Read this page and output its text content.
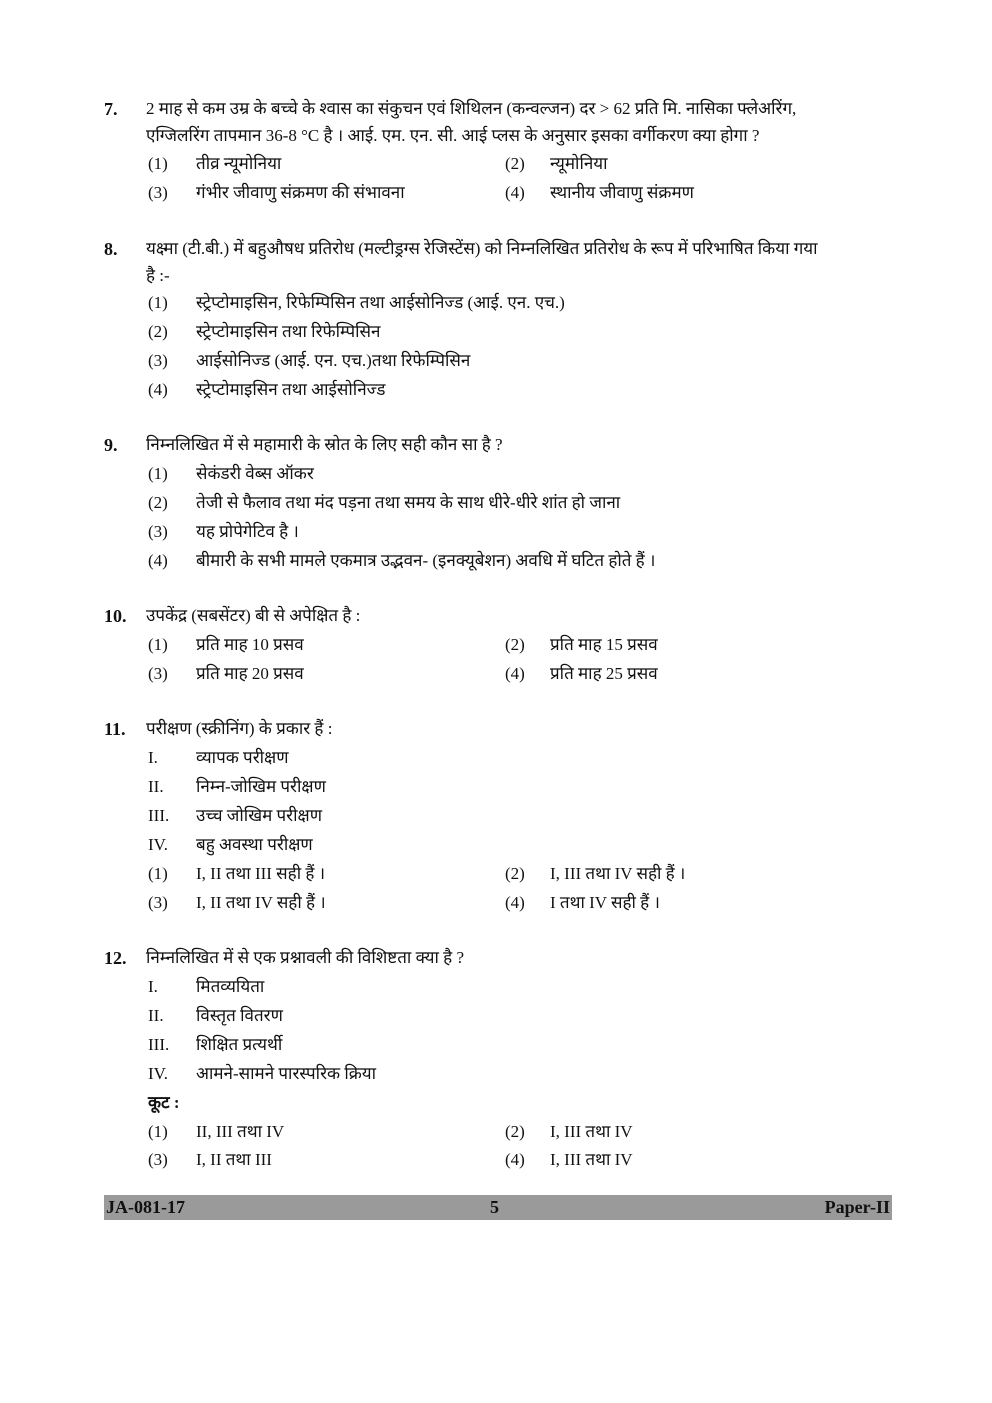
7. 2 माह से कम उम्र के बच्चे के श्वास का संकुचन एवं शिथिलन (कन्वल्जन) दर > 62 प्रति मि. नासिका फ्लेअरिंग,
एग्जिलरिंग तापमान 36-8 °C है । आई. एम. एन. सी. आई प्लस के अनुसार इसका वर्गीकरण क्या होगा ?
(1) तीव्र न्यूमोनिया	(2) न्यूमोनिया
(3) गंभीर जीवाणु संक्रमण की संभावना	(4) स्थानीय जीवाणु संक्रमण
8. यक्ष्मा (टी.बी.) में बहुऔषध प्रतिरोध (मल्टीड्रग्स रेजिस्टेंस) को निम्नलिखित प्रतिरोध के रूप में परिभाषित किया गया
है :-
(1) स्ट्रेप्टोमाइसिन, रिफेम्पिसिन तथा आईसोनिज्ड (आई. एन. एच.)
(2) स्ट्रेप्टोमाइसिन तथा रिफेम्पिसिन
(3) आईसोनिज्ड (आई. एन. एच.)तथा रिफेम्पिसिन
(4) स्ट्रेप्टोमाइसिन तथा आईसोनिज्ड
9. निम्नलिखित में से महामारी के स्रोत के लिए सही कौन सा है ?
(1) सेकंडरी वेब्स ऑकर
(2) तेजी से फैलाव तथा मंद पड़ना तथा समय के साथ धीरे-धीरे शांत हो जाना
(3) यह प्रोपेगेटिव है ।
(4) बीमारी के सभी मामले एकमात्र उद्भवन- (इनक्यूबेशन) अवधि में घटित होते हैं ।
10. उपकेंद्र (सबसेंटर) बी से अपेक्षित है :
(1) प्रति माह 10 प्रसव	(2) प्रति माह 15 प्रसव
(3) प्रति माह 20 प्रसव	(4) प्रति माह 25 प्रसव
11. परीक्षण (स्क्रीनिंग) के प्रकार हैं :
I. व्यापक परीक्षण
II. निम्न-जोखिम परीक्षण
III. उच्च जोखिम परीक्षण
IV. बहु अवस्था परीक्षण
(1) I, II तथा III सही हैं ।	(2) I, III तथा IV सही हैं ।
(3) I, II तथा IV सही हैं ।	(4) I तथा IV सही हैं ।
12. निम्नलिखित में से एक प्रश्नावली की विशिष्टता क्या है ?
I. मितव्ययिता
II. विस्तृत वितरण
III. शिक्षित प्रत्यर्थी
IV. आमने-सामने पारस्परिक क्रिया
कूट :
(1) II, III तथा IV	(2) I, III तथा IV
(3) I, II तथा III	(4) I, III तथा IV
JA-081-17	5	Paper-II
